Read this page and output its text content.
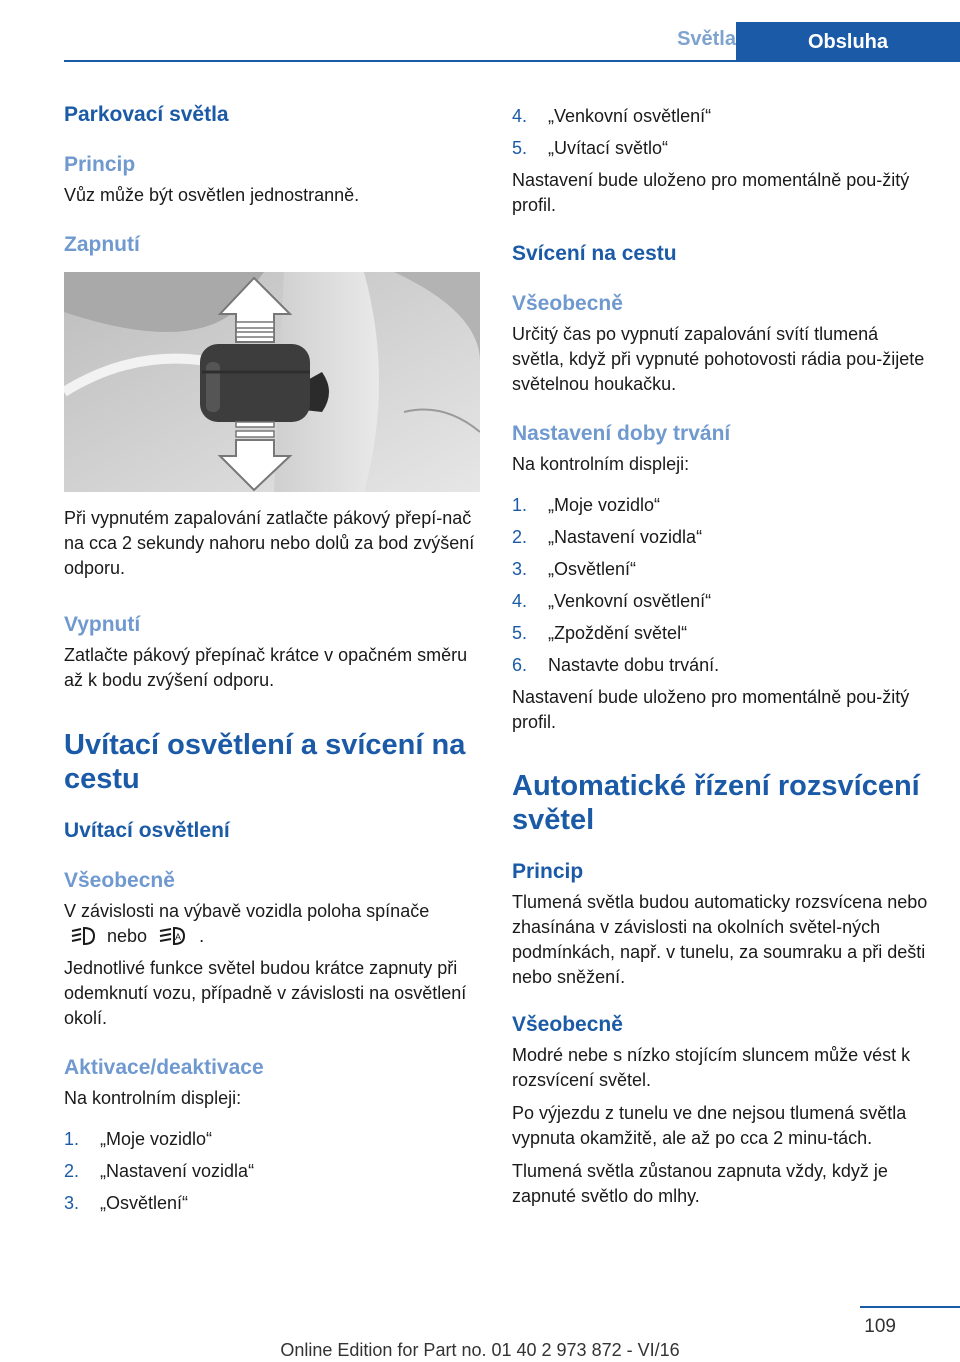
Světla	Obsluha
Parkovací světla
Princip

Vůz může být osvětlen jednostranně.

Zapnutí

Při vypnutém zapalování zatlačte pákový přepí‐nač na cca 2 sekundy nahoru nebo dolů za bod zvýšení odporu.

Vypnutí

Zatlačte pákový přepínač krátce v opačném směru až k bodu zvýšení odporu.

Uvítací osvětlení a svícení na cestu
Uvítací osvětlení
Všeobecně

V závislosti na výbavě vozidla poloha spínače
nebo	A .

Jednotlivé funkce světel budou krátce zapnuty při odemknutí vozu, případně v závislosti na osvětlení okolí.

Aktivace/deaktivace

Na kontrolním displeji:

1. „Moje vozidlo“
2. „Nastavení vozidla“
3. „Osvětlení“
4. „Venkovní osvětlení“
5. „Uvítací světlo“

Nastavení bude uloženo pro momentálně pou‐žitý profil.

Svícení na cestu
Všeobecně

Určitý čas po vypnutí zapalování svítí tlumená světla, když při vypnuté pohotovosti rádia pou‐žijete světelnou houkačku.

Nastavení doby trvání

Na kontrolním displeji:

1. „Moje vozidlo“
2. „Nastavení vozidla“
3. „Osvětlení“
4. „Venkovní osvětlení“
5. „Zpoždění světel“
6. Nastavte dobu trvání.

Nastavení bude uloženo pro momentálně pou‐žitý profil.

Automatické řízení rozsvícení světel
Princip

Tlumená světla budou automaticky rozsvícena nebo zhasínána v závislosti na okolních světel‐ných podmínkách, např. v tunelu, za soumraku a při dešti nebo sněžení.

Všeobecně

Modré nebe s nízko stojícím sluncem může vést k rozsvícení světel.

Po výjezdu z tunelu ve dne nejsou tlumená světla vypnuta okamžitě, ale až po cca 2 minu‐tách.

Tlumená světla zůstanou zapnuta vždy, když je zapnuté světlo do mlhy.

109
Online Edition for Part no. 01 40 2 973 872 - VI/16
